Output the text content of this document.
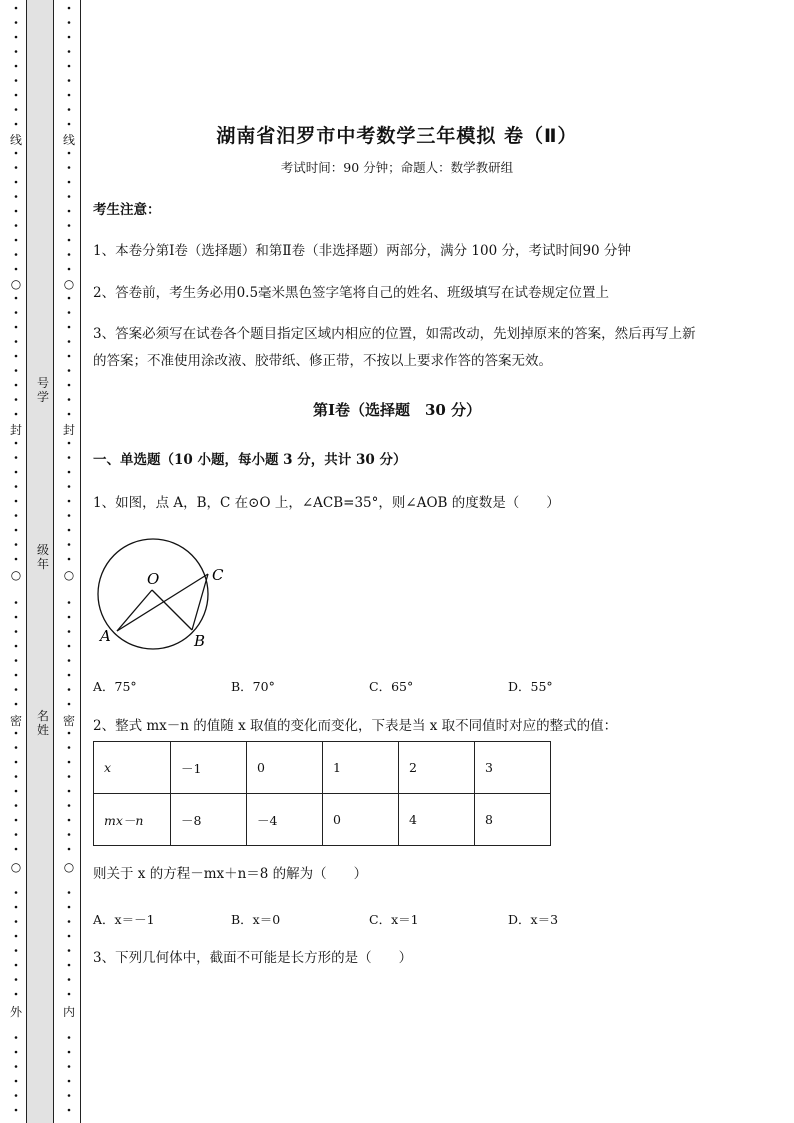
线
○
封
○
密
○
外
线
○
封
○
密
○
内
号学
级年
名姓
湖南省汨罗市中考数学三年模拟 卷（Ⅱ）
考试时间：90 分钟；命题人：数学教研组
考生注意：
1、本卷分第Ⅰ卷（选择题）和第Ⅱ卷（非选择题）两部分，满分 100 分，考试时间90 分钟
2、答卷前，考生务必用0.5毫米黑色签字笔将自己的姓名、班级填写在试卷规定位置上
3、答案必须写在试卷各个题目指定区域内相应的位置，如需改动，先划掉原来的答案，然后再写上新
的答案；不准使用涂改液、胶带纸、修正带，不按以上要求作答的答案无效。
第Ⅰ卷（选择题　30 分）
一、单选题（10 小题，每小题 3 分，共计 30 分）
1、如图，点 A，B，C 在⊙O 上，∠ACB=35°，则∠AOB 的度数是（　　）
O	C
A	B
A．75°	B．70°	C．65°	D．55°
2、整式 mx－n 的值随 x 取值的变化而变化，下表是当 x 取不同值时对应的整式的值：
x	－1	0	1	2	3
mx－n	－8	－4	0	4	8
则关于 x 的方程－mx＋n＝8 的解为（　　）
A．x＝－1	B．x＝0	C．x＝1	D．x＝3
3、下列几何体中，截面不可能是长方形的是（　　）
